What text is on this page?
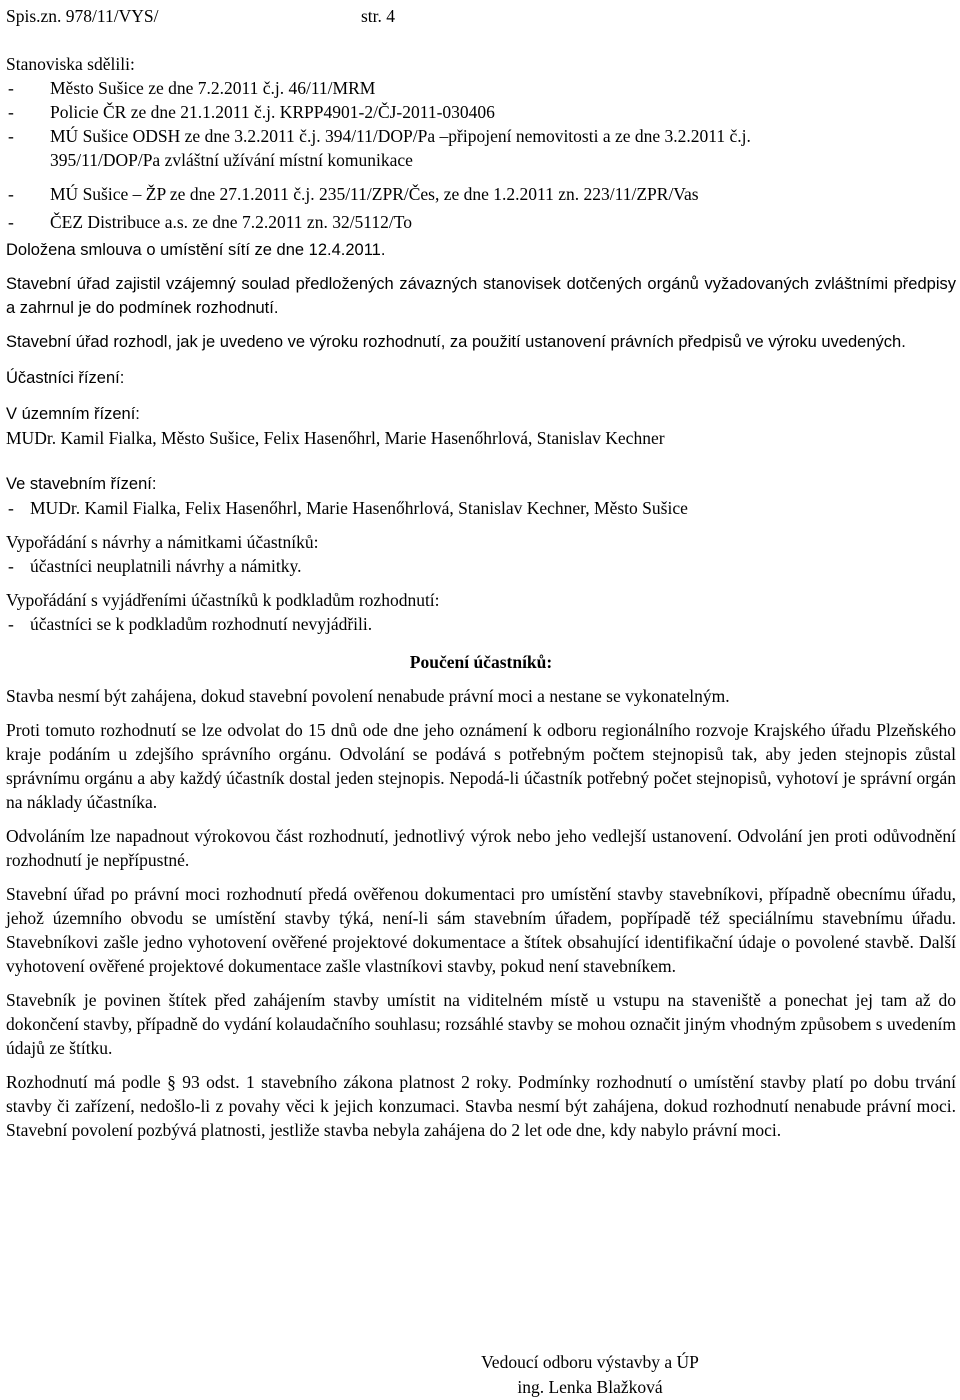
Spis.zn. 978/11/VYS/	str. 4
Stanoviska sdělili:
-	Město Sušice ze dne 7.2.2011 č.j. 46/11/MRM
-	Policie ČR ze dne 21.1.2011 č.j. KRPP4901-2/ČJ-2011-030406
-	MÚ Sušice ODSH ze dne 3.2.2011 č.j. 394/11/DOP/Pa –připojení nemovitosti a ze dne 3.2.2011 č.j.
395/11/DOP/Pa zvláštní užívání místní komunikace
-	MÚ Sušice – ŽP ze dne 27.1.2011 č.j. 235/11/ZPR/Čes, ze dne 1.2.2011 zn. 223/11/ZPR/Vas
-	ČEZ Distribuce a.s. ze dne 7.2.2011 zn. 32/5112/To
Doložena smlouva o umístění sítí ze dne 12.4.2011.

Stavební úřad zajistil vzájemný soulad předložených závazných stanovisek dotčených orgánů vyžadovaných zvláštními předpisy a zahrnul je do podmínek rozhodnutí.

Stavební úřad rozhodl, jak je uvedeno ve výroku rozhodnutí, za použití ustanovení právních předpisů ve výroku uvedených.

Účastníci řízení:
V územním řízení:
MUDr. Kamil Fialka, Město Sušice, Felix Hasenőhrl, Marie Hasenőhrlová, Stanislav Kechner
Ve stavebním řízení:
- MUDr. Kamil Fialka, Felix Hasenőhrl, Marie Hasenőhrlová, Stanislav Kechner, Město Sušice
Vypořádání s návrhy a námitkami účastníků:
- účastníci neuplatnili návrhy a námitky.
Vypořádání s vyjádřeními účastníků k podkladům rozhodnutí:
- účastníci se k podkladům rozhodnutí nevyjádřili.
Poučení účastníků:

Stavba nesmí být zahájena, dokud stavební povolení nenabude právní moci a nestane se vykonatelným.

Proti tomuto rozhodnutí se lze odvolat do 15 dnů ode dne jeho oznámení k odboru regionálního rozvoje Krajského úřadu Plzeňského kraje podáním u zdejšího správního orgánu. Odvolání se podává s potřebným počtem stejnopisů tak, aby jeden stejnopis zůstal správnímu orgánu a aby každý účastník dostal jeden stejnopis. Nepodá-li účastník potřebný počet stejnopisů, vyhotoví je správní orgán na náklady účastníka.

Odvoláním lze napadnout výrokovou část rozhodnutí, jednotlivý výrok nebo jeho vedlejší ustanovení. Odvolání jen proti odůvodnění rozhodnutí je nepřípustné.

Stavební úřad po právní moci rozhodnutí předá ověřenou dokumentaci pro umístění stavby stavebníkovi, případně obecnímu úřadu, jehož územního obvodu se umístění stavby týká, není-li sám stavebním úřadem, popřípadě též speciálnímu stavebnímu úřadu. Stavebníkovi zašle jedno vyhotovení ověřené projektové dokumentace a štítek obsahující identifikační údaje o povolené stavbě. Další vyhotovení ověřené projektové dokumentace zašle vlastníkovi stavby, pokud není stavebníkem.

Stavebník je povinen štítek před zahájením stavby umístit na viditelném místě u vstupu na staveniště a ponechat jej tam až do dokončení stavby, případně do vydání kolaudačního souhlasu; rozsáhlé stavby se mohou označit jiným vhodným způsobem s uvedením údajů ze štítku.

Rozhodnutí má podle § 93 odst. 1 stavebního zákona platnost 2 roky. Podmínky rozhodnutí o umístění stavby platí po dobu trvání stavby či zařízení, nedošlo-li z povahy věci k jejich konzumaci. Stavba nesmí být zahájena, dokud rozhodnutí nenabude právní moci. Stavební povolení pozbývá platnosti, jestliže stavba nebyla zahájena do 2 let ode dne, kdy nabylo právní moci.

Vedoucí odboru výstavby a ÚP
ing. Lenka Blažková
